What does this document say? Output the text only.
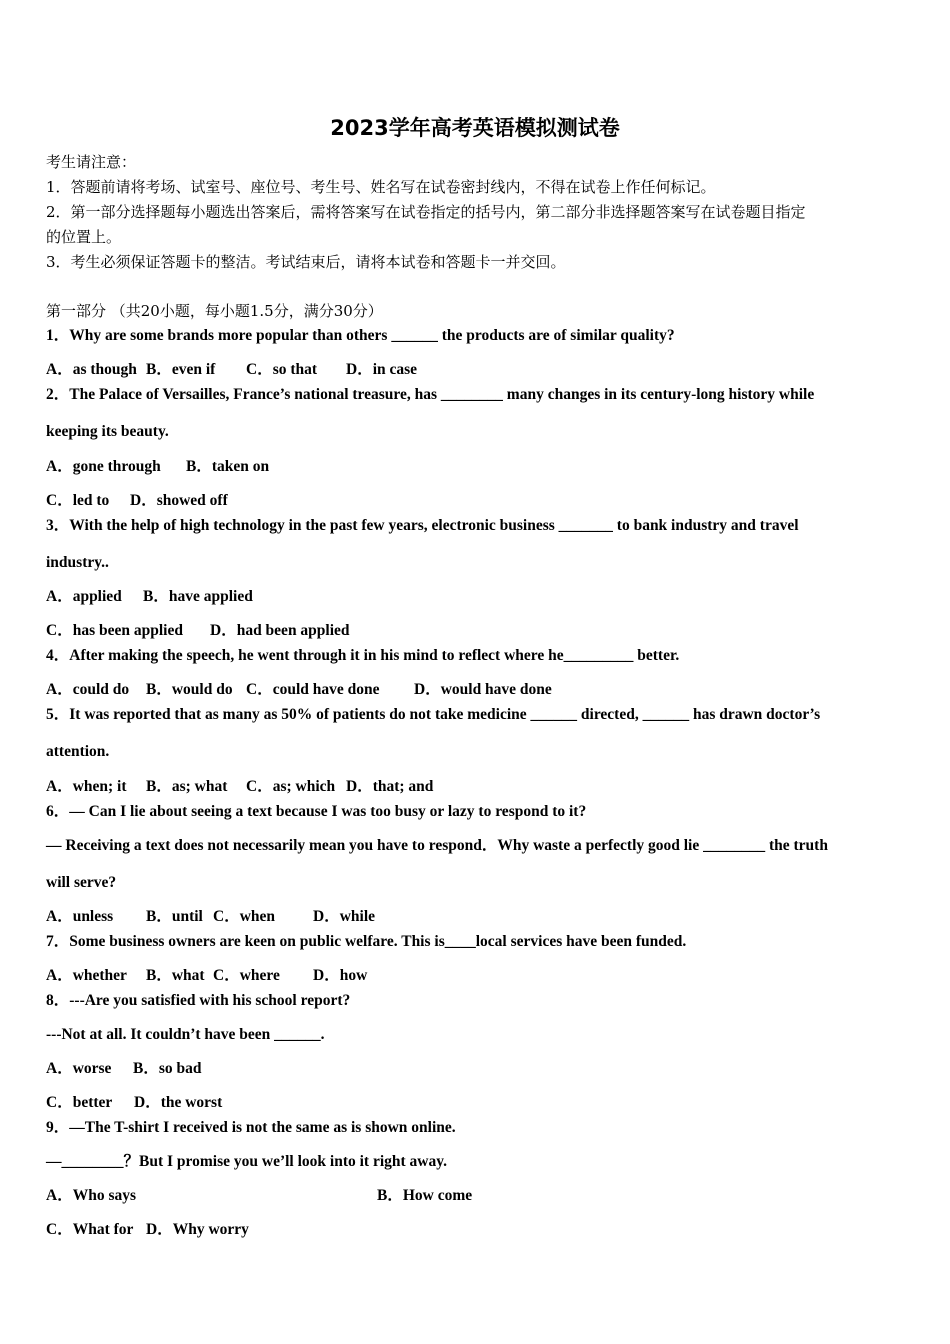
2023学年高考英语模拟测试卷
考生请注意：
1．答题前请将考场、试室号、座位号、考生号、姓名写在试卷密封线内，不得在试卷上作任何标记。
2．第一部分选择题每小题选出答案后，需将答案写在试卷指定的括号内，第二部分非选择题答案写在试卷题目指定
的位置上。
3．考生必须保证答题卡的整洁。考试结束后，请将本试卷和答题卡一并交回。
第一部分 （共20小题，每小题1.5分，满分30分）
1．Why are some brands more popular than others ______ the products are of similar quality?
A．as though B．even if C．so that D．in case
2．The Palace of Versailles, France’s national treasure, has ________ many changes in its century-long history while
keeping its beauty.
A．gone through B．taken on
C．led to D．showed off
3．With the help of high technology in the past few years, electronic business _______ to bank industry and travel
industry..
A．applied B．have applied
C．has been applied D．had been applied
4．After making the speech, he went through it in his mind to reflect where he_________ better.
A．could do B．would do C．could have done D．would have done
5．It was reported that as many as 50% of patients do not take medicine ______ directed, ______ has drawn doctor’s
attention.
A．when; it B．as; what C．as; which D．that; and
6．— Can I lie about seeing a text because I was too busy or lazy to respond to it?
— Receiving a text does not necessarily mean you have to respond．Why waste a perfectly good lie ________ the truth
will serve?
A．unless B．until C．when D．while
7．Some business owners are keen on public welfare. This is____local services have been funded.
A．whether B．what C．where D．how
8．---Are you satisfied with his school report?
---Not at all. It couldn’t have been ______.
A．worse B．so bad
C．better D．the worst
9．—The T-shirt I received is not the same as is shown online.
—________？But I promise you we’ll look into it right away.
A．Who says	B．How come
C．What for D．Why worry
